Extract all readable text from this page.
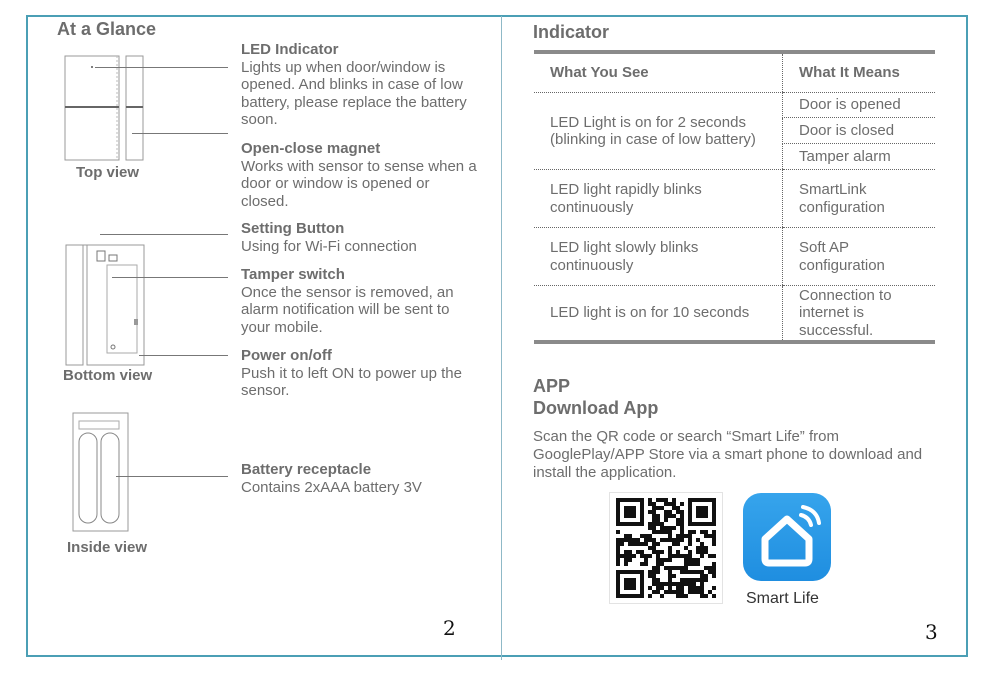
At a Glance
Top view
Bottom view
Inside view
LED Indicator
Lights up when door/window is opened. And blinks in case of low battery, please replace the battery soon.
Open-close magnet
Works with sensor to sense when a door or window is opened or closed.
Setting Button
Using for Wi-Fi connection
Tamper switch
Once the sensor is removed, an alarm notification will be sent to your mobile.
Power on/off
Push it to left ON to power up the sensor.
Battery receptacle
Contains 2xAAA battery 3V
2
Indicator
What You See	What It Means
LED Light is on for 2 seconds (blinking in case of low battery)	Door is opened
	Door is closed
	Tamper alarm
LED light rapidly blinks continuously	SmartLink configuration
LED light slowly blinks continuously	Soft AP configuration
LED light is on for 10 seconds	Connection to internet is successful.
APP
Download App
Scan the QR code or search “Smart Life” from GooglePlay/APP Store via a smart phone to download and install the application.
Smart Life
3
